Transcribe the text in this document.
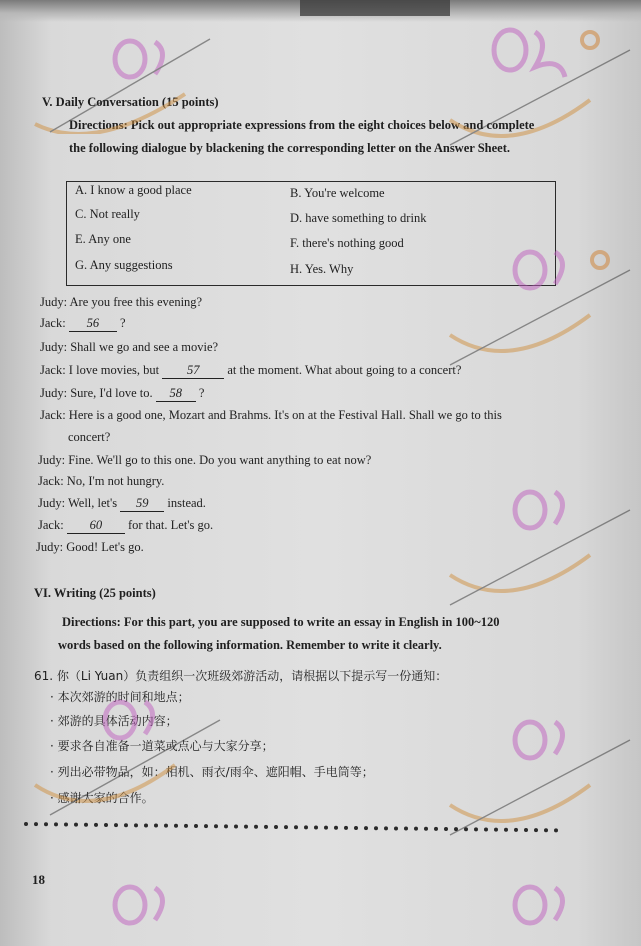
V. Daily Conversation (15 points)
Directions: Pick out appropriate expressions from the eight choices below and complete
the following dialogue by blackening the corresponding letter on the Answer Sheet.
A. I know a good place	B. You're welcome
C. Not really	D. have something to drink
E. Any one	F. there's nothing good
G. Any suggestions	H. Yes. Why
Judy: Are you free this evening?
Jack: 56 ?
Judy: Shall we go and see a movie?
Jack: I love movies, but 57 at the moment. What about going to a concert?
Judy: Sure, I'd love to. 58 ?
Jack: Here is a good one, Mozart and Brahms. It's on at the Festival Hall. Shall we go to this
concert?
Judy: Fine. We'll go to this one. Do you want anything to eat now?
Jack: No, I'm not hungry.
Judy: Well, let's 59 instead.
Jack: 60 for that. Let's go.
Judy: Good! Let's go.
VI. Writing (25 points)
Directions: For this part, you are supposed to write an essay in English in 100~120
words based on the following information. Remember to write it clearly.
61. 你（Li Yuan）负责组织一次班级郊游活动，请根据以下提示写一份通知：
· 本次郊游的时间和地点；
· 郊游的具体活动内容；
· 要求各自准备一道菜或点心与大家分享；
· 列出必带物品，如：相机、雨衣/雨伞、遮阳帽、手电筒等；
· 感谢大家的合作。
18
